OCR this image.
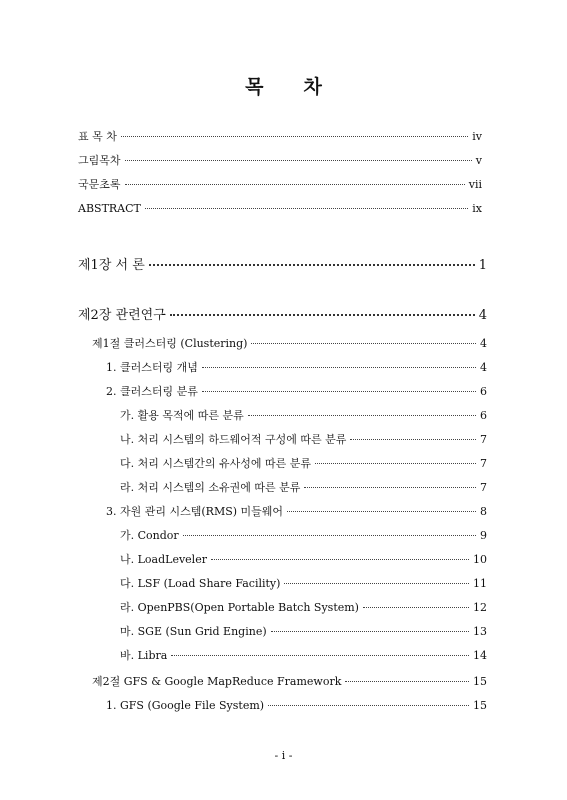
목 차
표 목 차	ⅳ
그림목차	ⅴ
국문초록	ⅶ
ABSTRACT	ⅸ
제1장 서 론	1
제2장 관련연구	4
제1절 클러스터링 (Clustering)	4
1. 클러스터링 개념	4
2. 클러스터링 분류	6
가. 활용 목적에 따른 분류	6
나. 처리 시스템의 하드웨어적 구성에 따른 분류	7
다. 처리 시스템간의 유사성에 따른 분류	7
라. 처리 시스템의 소유권에 따른 분류	7
3. 자원 관리 시스템(RMS) 미들웨어	8
가. Condor	9
나. LoadLeveler	10
다. LSF (Load Share Facility)	11
라. OpenPBS(Open Portable Batch System)	12
마. SGE (Sun Grid Engine)	13
바. Libra	14
제2절 GFS & Google MapReduce Framework	15
1. GFS (Google File System)	15
- i -
